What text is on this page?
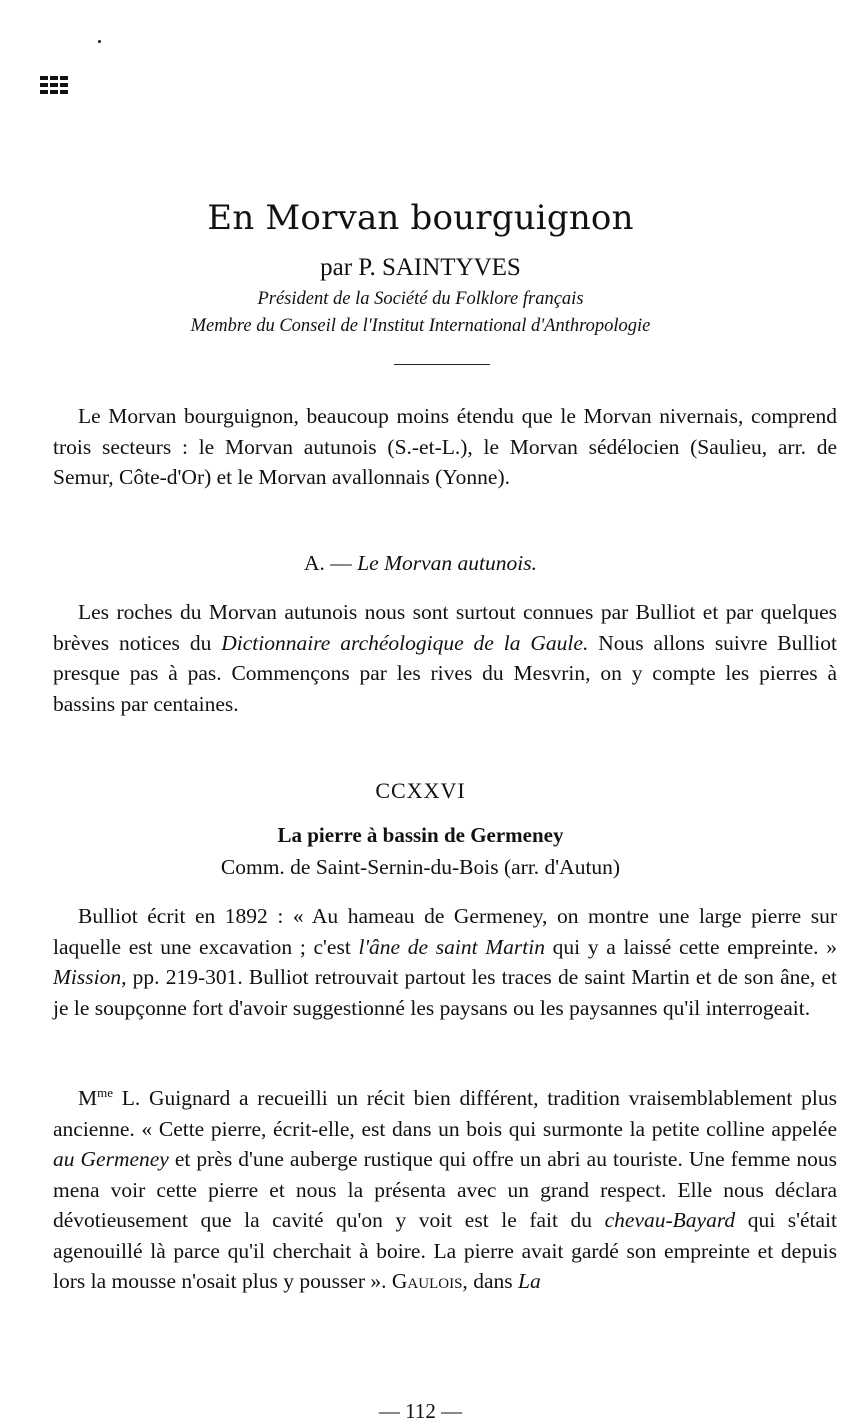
En Morvan bourguignon
par P. SAINTYVES
Président de la Société du Folklore français
Membre du Conseil de l'Institut International d'Anthropologie

Le Morvan bourguignon, beaucoup moins étendu que le Morvan nivernais, comprend trois secteurs : le Morvan autunois (S.-et-L.), le Morvan sédélocien (Saulieu, arr. de Semur, Côte-d'Or) et le Morvan avallonnais (Yonne).

A. — Le Morvan autunois.

Les roches du Morvan autunois nous sont surtout connues par Bulliot et par quelques brèves notices du Dictionnaire archéologique de la Gaule. Nous allons suivre Bulliot presque pas à pas. Commençons par les rives du Mesvrin, on y compte les pierres à bassins par centaines.

CCXXVI
La pierre à bassin de Germeney
Comm. de Saint-Sernin-du-Bois (arr. d'Autun)

Bulliot écrit en 1892 : « Au hameau de Germeney, on montre une large pierre sur laquelle est une excavation ; c'est l'âne de saint Martin qui y a laissé cette empreinte. » Mission, pp. 219-301. Bulliot retrouvait partout les traces de saint Martin et de son âne, et je le soupçonne fort d'avoir suggestionné les paysans ou les paysannes qu'il interrogeait.

$M^{me}$ L. Guignard a recueilli un récit bien différent, tradition vraisemblablement plus ancienne. « Cette pierre, écrit-elle, est dans un bois qui surmonte la petite colline appelée au Germeney et près d'une auberge rustique qui offre un abri au touriste. Une femme nous mena voir cette pierre et nous la présenta avec un grand respect. Elle nous déclara dévotieusement que la cavité qu'on y voit est le fait du chevau-Bayard qui s'était agenouillé là parce qu'il cherchait à boire. La pierre avait gardé son empreinte et depuis lors la mousse n'osait plus y pousser ». Gaulois, dans La

— 112 —
